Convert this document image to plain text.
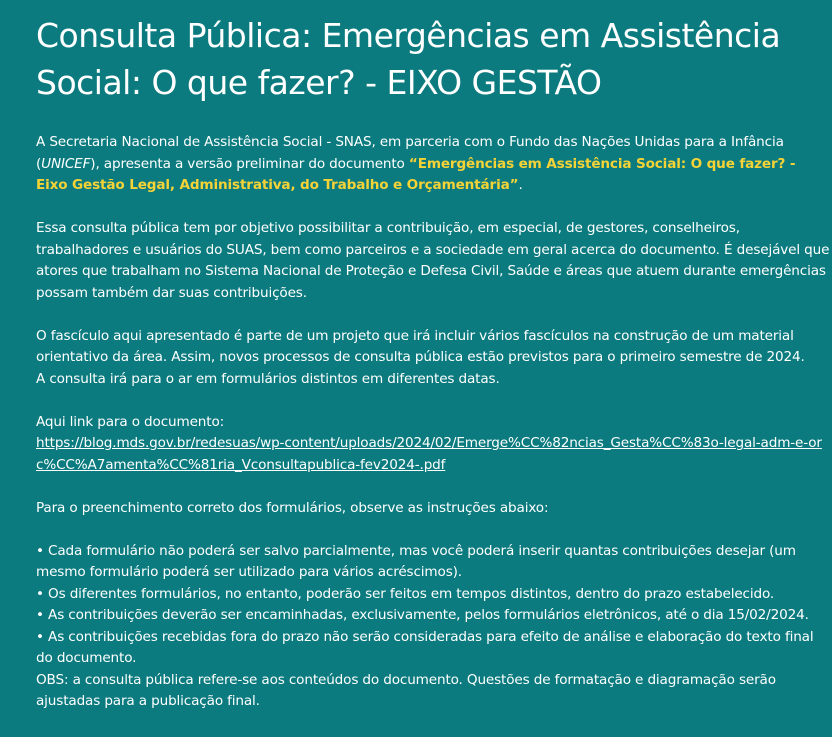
Consulta Pública: Emergências em Assistência Social: O que fazer? - EIXO GESTÃO

A Secretaria Nacional de Assistência Social - SNAS, em parceria com o Fundo das Nações Unidas para a Infância (UNICEF), apresenta a versão preliminar do documento “Emergências em Assistência Social: O que fazer? - Eixo Gestão Legal, Administrativa, do Trabalho e Orçamentária”.

Essa consulta pública tem por objetivo possibilitar a contribuição, em especial, de gestores, conselheiros, trabalhadores e usuários do SUAS, bem como parceiros e a sociedade em geral acerca do documento. É desejável que atores que trabalham no Sistema Nacional de Proteção e Defesa Civil, Saúde e áreas que atuem durante emergências possam também dar suas contribuições.

O fascículo aqui apresentado é parte de um projeto que irá incluir vários fascículos na construção de um material orientativo da área. Assim, novos processos de consulta pública estão previstos para o primeiro semestre de 2024.
A consulta irá para o ar em formulários distintos em diferentes datas.

Aqui link para o documento:
https://blog.mds.gov.br/redesuas/wp-content/uploads/2024/02/Emerge%CC%82ncias_Gesta%CC%83o-legal-adm-e-orc%CC%A7amenta%CC%81ria_Vconsultapublica-fev2024-.pdf

Para o preenchimento correto dos formulários, observe as instruções abaixo:

• Cada formulário não poderá ser salvo parcialmente, mas você poderá inserir quantas contribuições desejar (um mesmo formulário poderá ser utilizado para vários acréscimos).
• Os diferentes formulários, no entanto, poderão ser feitos em tempos distintos, dentro do prazo estabelecido.
• As contribuições deverão ser encaminhadas, exclusivamente, pelos formulários eletrônicos, até o dia 15/02/2024.
• As contribuições recebidas fora do prazo não serão consideradas para efeito de análise e elaboração do texto final do documento.
OBS: a consulta pública refere-se aos conteúdos do documento. Questões de formatação e diagramação serão ajustadas para a publicação final.
